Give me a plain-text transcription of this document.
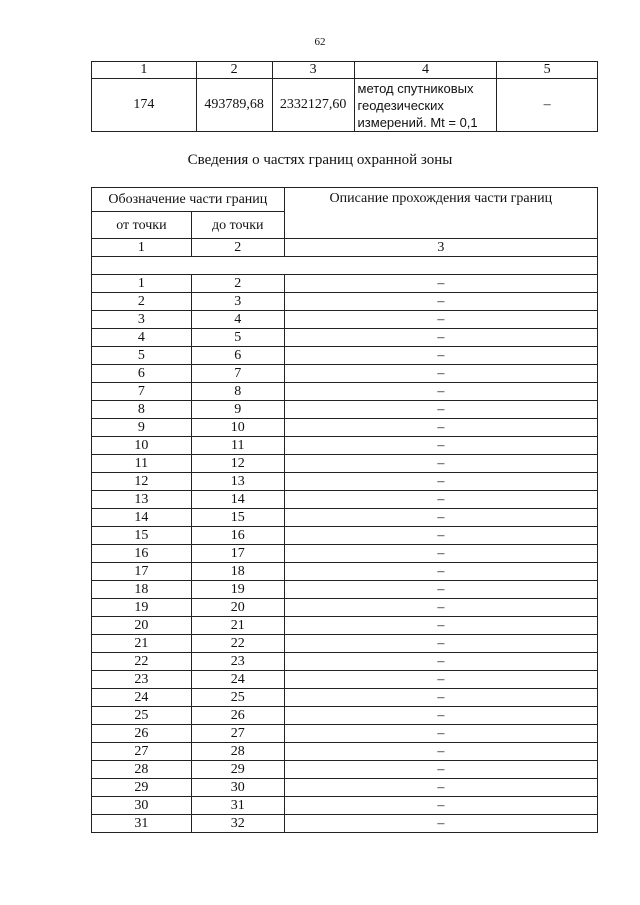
62
1	2	3	4	5
174	493789,68	2332127,60	метод спутниковых
геодезических
измерений. Mt = 0,1	–
Сведения о частях границ охранной зоны
Обозначение части границ		Описание прохождения части границ
от точки	до точки	
1	2	3

1	2	–
2	3	–
3	4	–
4	5	–
5	6	–
6	7	–
7	8	–
8	9	–
9	10	–
10	11	–
11	12	–
12	13	–
13	14	–
14	15	–
15	16	–
16	17	–
17	18	–
18	19	–
19	20	–
20	21	–
21	22	–
22	23	–
23	24	–
24	25	–
25	26	–
26	27	–
27	28	–
28	29	–
29	30	–
30	31	–
31	32	–
